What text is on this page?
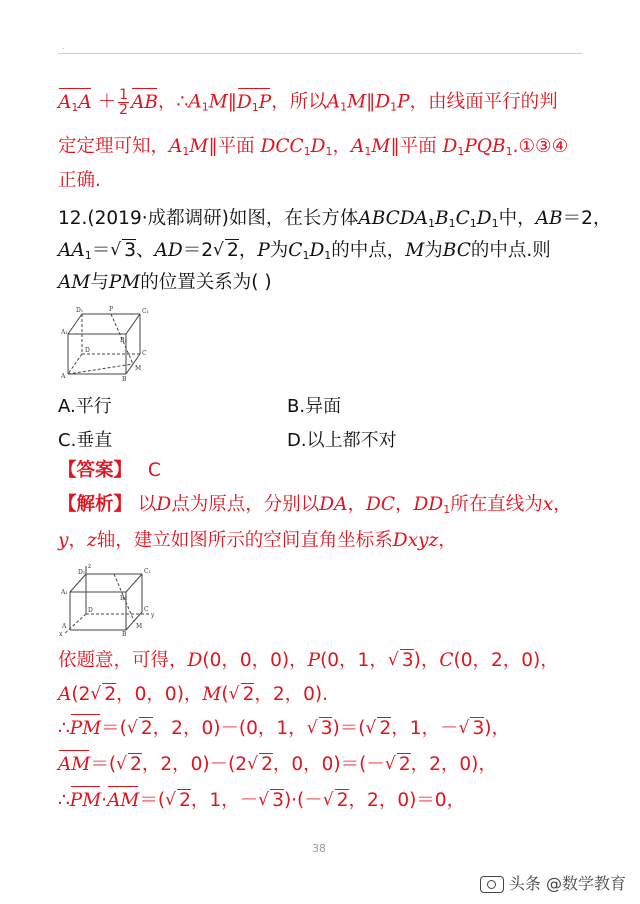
.
$A_1A + \frac{1}{2}$ AB，$\therefore A_1M\parallel D_1P$，所以$A_1M\parallel D_1P$，由线面平行的判
定定理可知，$A_1M\parallel$平面 $DCC_1D_1$，$A_1M\parallel$平面 $D_1PQB_1.①③④$
正确.
12.(2019·成都调研)如图，在长方体$ABCDA_1B_1C_1D_1$中，AB＝2，
$AA_1=√$ 3、AD＝2√ 2，P为$C_1D_1$的中点，M为BC的中点.则
AM与PM的位置关系为( )
D₁	P	C₁
A₁
B₁
D	C
A	B
M
A.平行	B.异面
C.垂直	D.以上都不对
【答案】 C
【解析】 以D点为原点，分别以DA，DC，$DD_1$所在直线为x，
y，z轴，建立如图所示的空间直角坐标系Dxyz，
z
D₁	C₁
A₁
B₁
D	C
y
A
B
M
x
依题意，可得，D(0，0，0)，P(0，1，√ 3)，C(0，2，0)，
A(2√ 2，0，0)，M(√ 2，2，0).
∴PM＝(√ 2，2，0)－(0，1，√ 3)＝(√ 2，1，－√ 3)，
AM＝(√ 2，2，0)－(2√ 2，0，0)＝(－√ 2，2，0)，
∴PM·AM＝(√ 2，1，－√ 3)·(－√ 2，2，0)＝0，
38
头条 @数学教育
